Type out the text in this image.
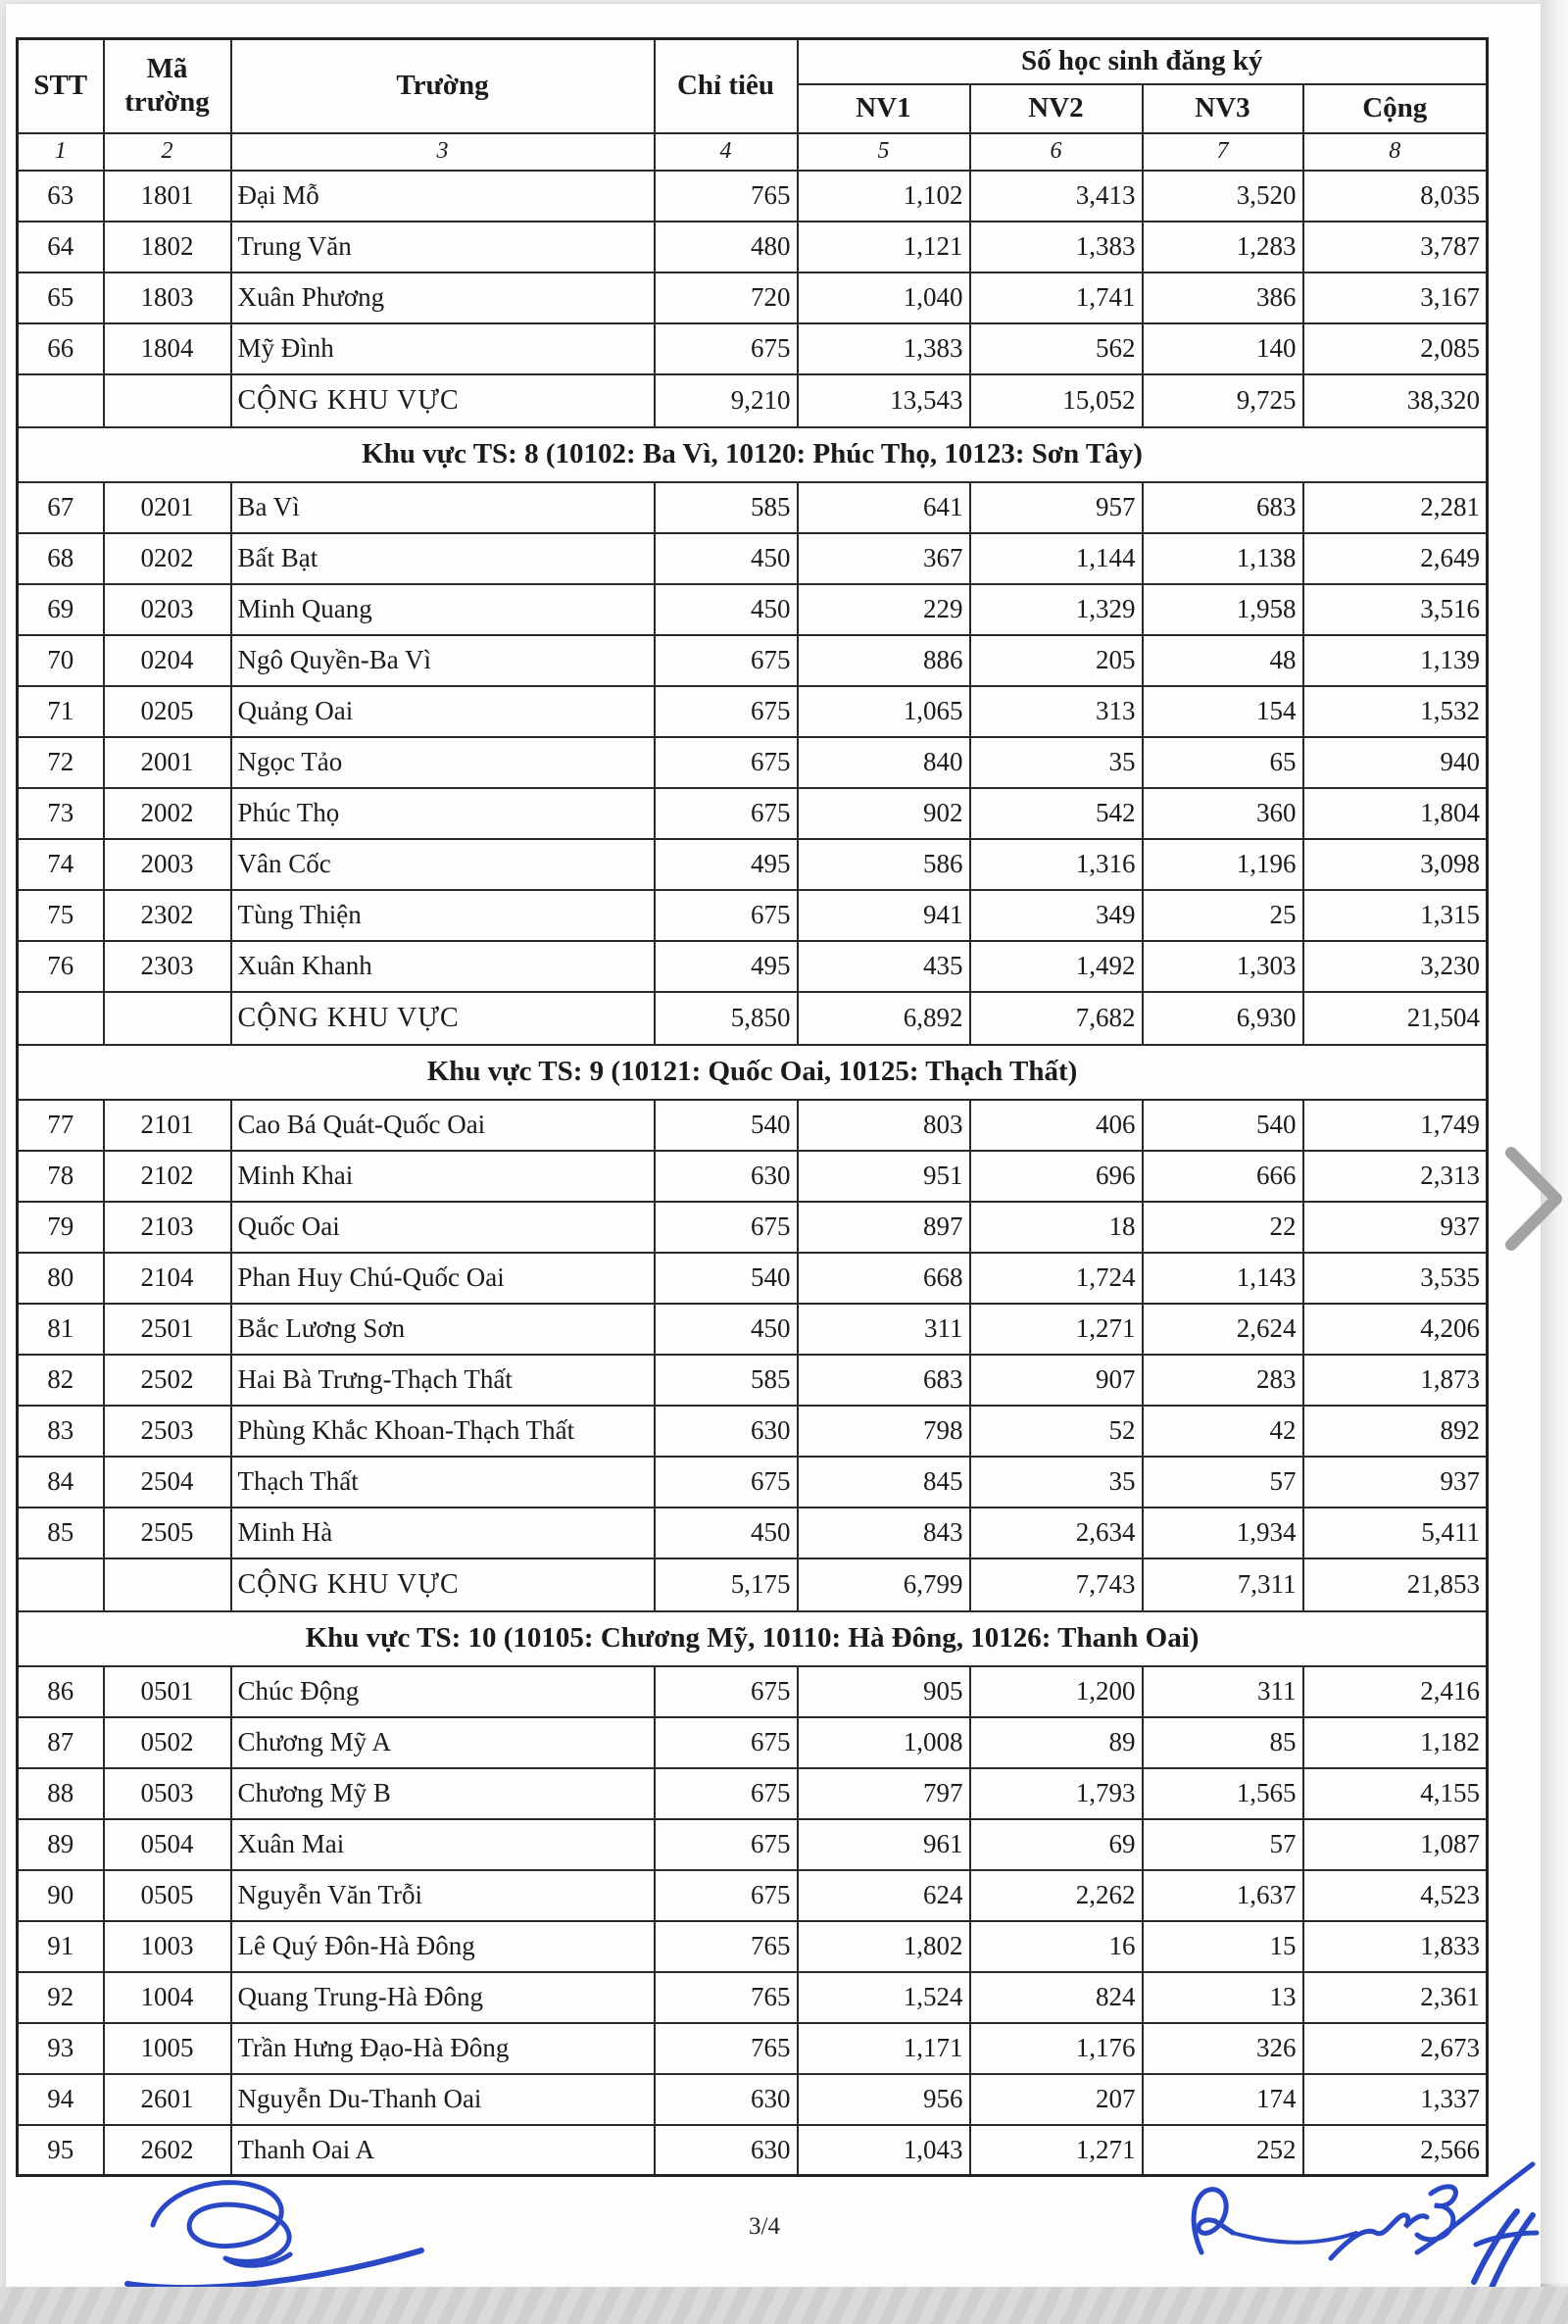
STT	Mã trường	Trường	Chỉ tiêu	Số học sinh đăng ký			
				NV1	NV2	NV3	Cộng
1	2	3	4	5	6	7	8
63	1801	Đại Mỗ	765	1,102	3,413	3,520	8,035
64	1802	Trung Văn	480	1,121	1,383	1,283	3,787
65	1803	Xuân Phương	720	1,040	1,741	386	3,167
66	1804	Mỹ Đình	675	1,383	562	140	2,085
		CỘNG KHU VỰC	9,210	13,543	15,052	9,725	38,320
Khu vực TS: 8 (10102: Ba Vì, 10120: Phúc Thọ, 10123: Sơn Tây)							
67	0201	Ba Vì	585	641	957	683	2,281
68	0202	Bất Bạt	450	367	1,144	1,138	2,649
69	0203	Minh Quang	450	229	1,329	1,958	3,516
70	0204	Ngô Quyền-Ba Vì	675	886	205	48	1,139
71	0205	Quảng Oai	675	1,065	313	154	1,532
72	2001	Ngọc Tảo	675	840	35	65	940
73	2002	Phúc Thọ	675	902	542	360	1,804
74	2003	Vân Cốc	495	586	1,316	1,196	3,098
75	2302	Tùng Thiện	675	941	349	25	1,315
76	2303	Xuân Khanh	495	435	1,492	1,303	3,230
		CỘNG KHU VỰC	5,850	6,892	7,682	6,930	21,504
Khu vực TS: 9 (10121: Quốc Oai, 10125: Thạch Thất)							
77	2101	Cao Bá Quát-Quốc Oai	540	803	406	540	1,749
78	2102	Minh Khai	630	951	696	666	2,313
79	2103	Quốc Oai	675	897	18	22	937
80	2104	Phan Huy Chú-Quốc Oai	540	668	1,724	1,143	3,535
81	2501	Bắc Lương Sơn	450	311	1,271	2,624	4,206
82	2502	Hai Bà Trưng-Thạch Thất	585	683	907	283	1,873
83	2503	Phùng Khắc Khoan-Thạch Thất	630	798	52	42	892
84	2504	Thạch Thất	675	845	35	57	937
85	2505	Minh Hà	450	843	2,634	1,934	5,411
		CỘNG KHU VỰC	5,175	6,799	7,743	7,311	21,853
Khu vực TS: 10 (10105: Chương Mỹ, 10110: Hà Đông, 10126: Thanh Oai)							
86	0501	Chúc Động	675	905	1,200	311	2,416
87	0502	Chương Mỹ A	675	1,008	89	85	1,182
88	0503	Chương Mỹ B	675	797	1,793	1,565	4,155
89	0504	Xuân Mai	675	961	69	57	1,087
90	0505	Nguyễn Văn Trỗi	675	624	2,262	1,637	4,523
91	1003	Lê Quý Đôn-Hà Đông	765	1,802	16	15	1,833
92	1004	Quang Trung-Hà Đông	765	1,524	824	13	2,361
93	1005	Trần Hưng Đạo-Hà Đông	765	1,171	1,176	326	2,673
94	2601	Nguyễn Du-Thanh Oai	630	956	207	174	1,337
95	2602	Thanh Oai A	630	1,043	1,271	252	2,566
3/4
